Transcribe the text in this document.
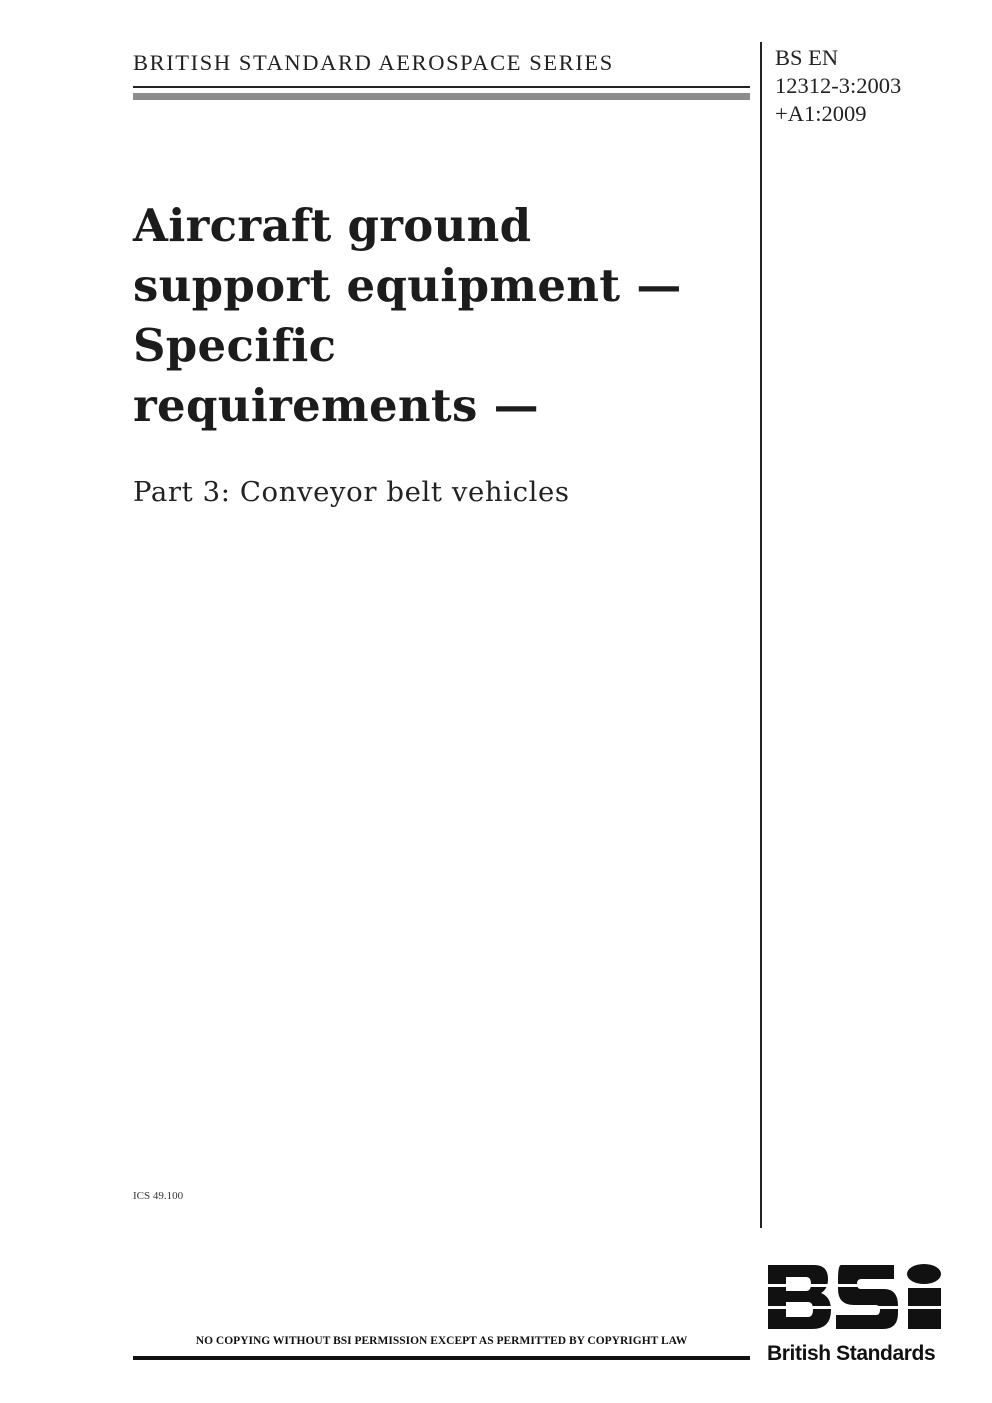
BRITISH STANDARD AEROSPACE SERIES	BS EN
12312-3:2003
+A1:2009
Aircraft ground
support equipment —
Specific
requirements —
Part 3: Conveyor belt vehicles
ICS 49.100
NO COPYING WITHOUT BSI PERMISSION EXCEPT AS PERMITTED BY COPYRIGHT LAW
British Standards
